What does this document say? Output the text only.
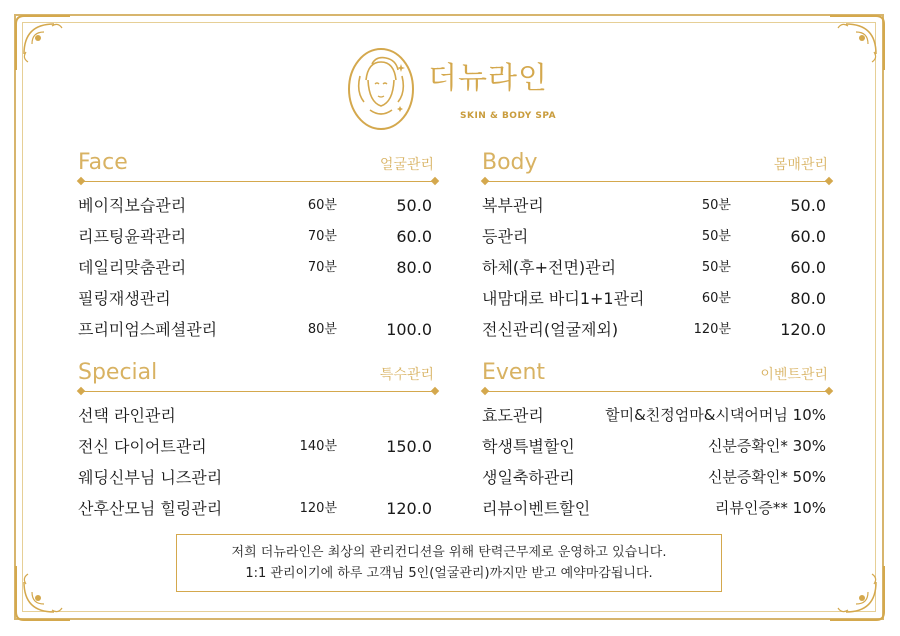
더뉴라인
SKIN & BODY SPA
Face	얼굴관리
베이직보습관리	60분	50.0
리프팅윤곽관리	70분	60.0
데일리맞춤관리	70분	80.0
필링재생관리
프리미엄스페셜관리	80분	100.0
Body	몸매관리
복부관리	50분	50.0
등관리	50분	60.0
하체(후+전면)관리	50분	60.0
내맘대로 바디1+1관리	60분	80.0
전신관리(얼굴제외)	120분	120.0
Special	특수관리
선택 라인관리
전신 다이어트관리	140분	150.0
웨딩신부님 니즈관리
산후산모님 힐링관리	120분	120.0
Event	이벤트관리
효도관리	할미&친정엄마&시댁어머님 10%
학생특별할인	신분증확인* 30%
생일축하관리	신분증확인* 50%
리뷰이벤트할인	리뷰인증** 10%
저희 더뉴라인은 최상의 관리컨디션을 위해 탄력근무제로 운영하고 있습니다.
1:1 관리이기에 하루 고객님 5인(얼굴관리)까지만 받고 예약마감됩니다.
